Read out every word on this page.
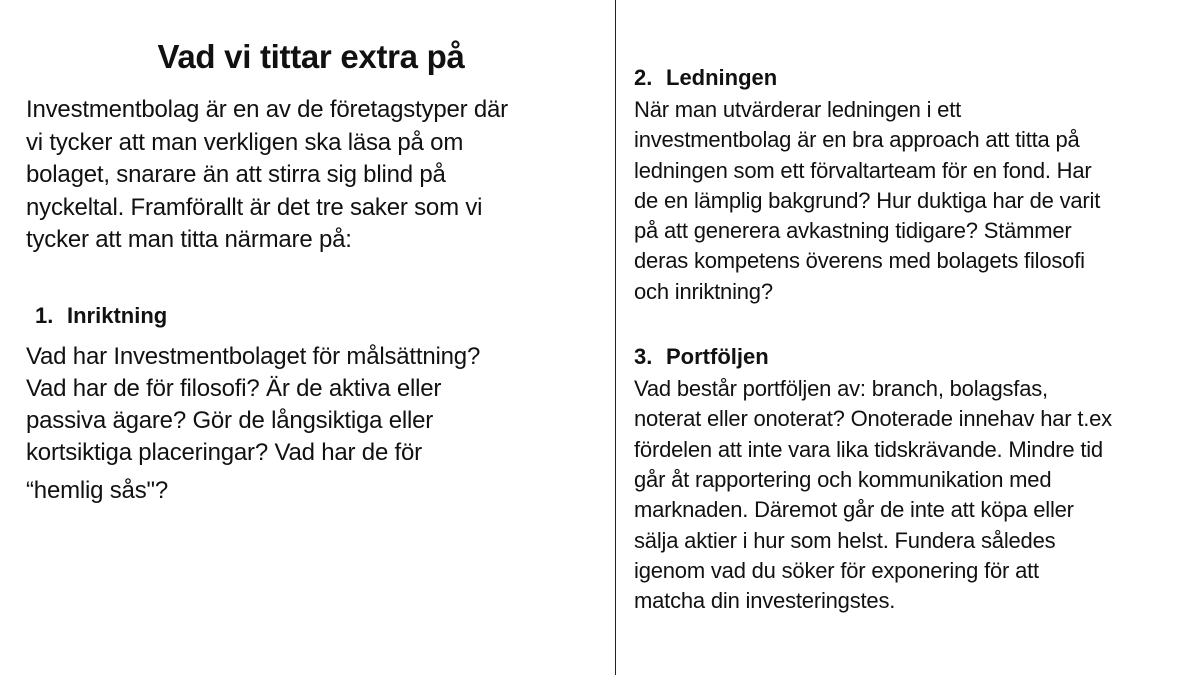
Vad vi tittar extra på

Investmentbolag är en av de företagstyper där
vi tycker att man verkligen ska läsa på om
bolaget, snarare än att stirra sig blind på
nyckeltal. Framförallt är det tre saker som vi
tycker att man titta närmare på:

1. Inriktning

Vad har Investmentbolaget för målsättning?
Vad har de för filosofi? Är de aktiva eller
passiva ägare? Gör de långsiktiga eller
kortsiktiga placeringar? Vad har de för
“hemlig sås"?

2. Ledningen

När man utvärderar ledningen i ett
investmentbolag är en bra approach att titta på
ledningen som ett förvaltarteam för en fond. Har
de en lämplig bakgrund? Hur duktiga har de varit
på att generera avkastning tidigare? Stämmer
deras kompetens överens med bolagets filosofi
och inriktning?

3. Portföljen

Vad består portföljen av: branch, bolagsfas,
noterat eller onoterat? Onoterade innehav har t.ex
fördelen att inte vara lika tidskrävande. Mindre tid
går åt rapportering och kommunikation med
marknaden. Däremot går de inte att köpa eller
sälja aktier i hur som helst. Fundera således
igenom vad du söker för exponering för att
matcha din investeringstes.
